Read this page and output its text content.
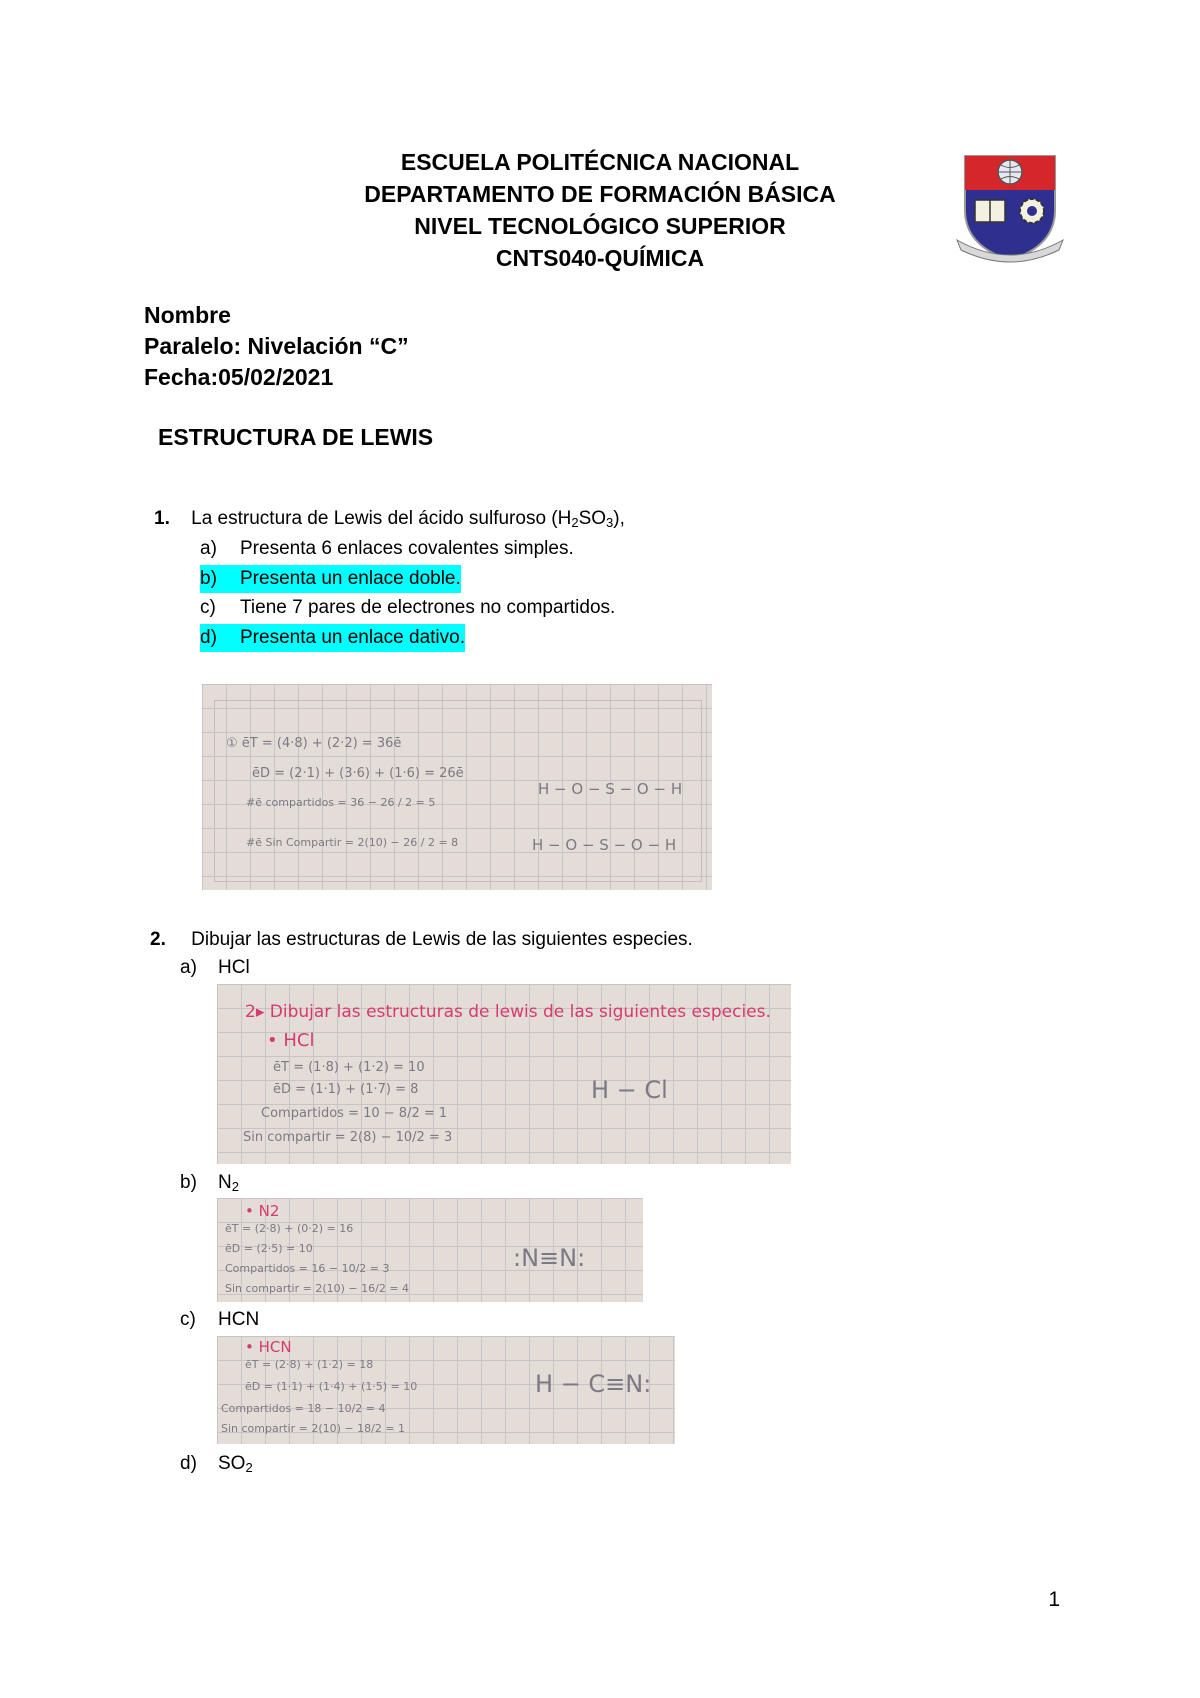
ESCUELA POLITÉCNICA NACIONAL
DEPARTAMENTO DE FORMACIÓN BÁSICA
NIVEL TECNOLÓGICO SUPERIOR
CNTS040-QUÍMICA
Nombre
Paralelo: Nivelación “C”
Fecha:05/02/2021
ESTRUCTURA DE LEWIS
1. La estructura de Lewis del ácido sulfuroso $(H_2SO_3)$,
a) Presenta 6 enlaces covalentes simples.
b) Presenta un enlace doble.
c) Tiene 7 pares de electrones no compartidos.
d) Presenta un enlace dativo.
① ēT = (4·8) + (2·2) = 36ē
ēD = (2·1) + (3·6) + (1·6) = 26ē
#ē compartidos = 36 − 26 / 2 = 5
#ē Sin Compartir = 2(10) − 26 / 2 = 8
H − O − S − O − H
H − O − S − O − H
2. Dibujar las estructuras de Lewis de las siguientes especies.
a) HCl
2▸ Dibujar las estructuras de lewis de las siguientes especies.
• HCl
ēT = (1·8) + (1·2) = 10
ēD = (1·1) + (1·7) = 8
Compartidos = 10 − 8/2 = 1
Sin compartir = 2(8) − 10/2 = 3
H − Cl
b) $N_2$
• N2
ēT = (2·8) + (0·2) = 16
ēD = (2·5) = 10
Compartidos = 16 − 10/2 = 3
Sin compartir = 2(10) − 16/2 = 4
:N≡N:
c) HCN
• HCN
ēT = (2·8) + (1·2) = 18
ēD = (1·1) + (1·4) + (1·5) = 10
Compartidos = 18 − 10/2 = 4
Sin compartir = 2(10) − 18/2 = 1
H − C≡N:
d) $SO_2$
1
